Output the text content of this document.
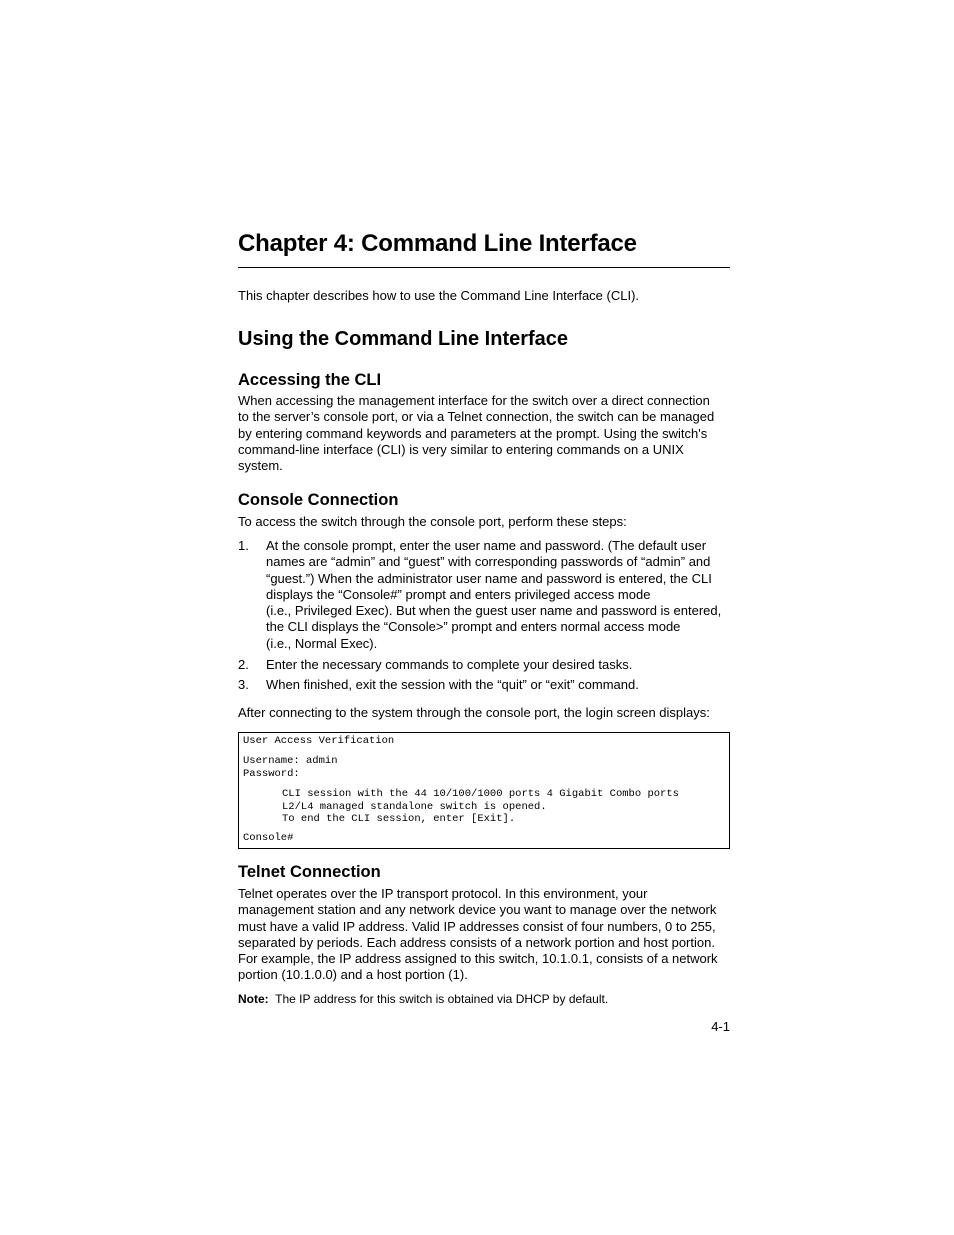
Chapter 4: Command Line Interface

This chapter describes how to use the Command Line Interface (CLI).

Using the Command Line Interface
Accessing the CLI
When accessing the management interface for the switch over a direct connection
to the server’s console port, or via a Telnet connection, the switch can be managed
by entering command keywords and parameters at the prompt. Using the switch's
command-line interface (CLI) is very similar to entering commands on a UNIX
system.
Console Connection

To access the switch through the console port, perform these steps:

1. At the console prompt, enter the user name and password. (The default user
names are “admin” and “guest” with corresponding passwords of “admin” and
“guest.”) When the administrator user name and password is entered, the CLI
displays the “Console#” prompt and enters privileged access mode
(i.e., Privileged Exec). But when the guest user name and password is entered,
the CLI displays the “Console>” prompt and enters normal access mode
(i.e., Normal Exec).
2. Enter the necessary commands to complete your desired tasks.
3. When finished, exit the session with the “quit” or “exit” command.

After connecting to the system through the console port, the login screen displays:

User Access Verification
Username: admin
Password:
CLI session with the 44 10/100/1000 ports 4 Gigabit Combo ports
L2/L4 managed standalone switch is opened.
To end the CLI session, enter [Exit].
Console#
Telnet Connection
Telnet operates over the IP transport protocol. In this environment, your
management station and any network device you want to manage over the network
must have a valid IP address. Valid IP addresses consist of four numbers, 0 to 255,
separated by periods. Each address consists of a network portion and host portion.
For example, the IP address assigned to this switch, 10.1.0.1, consists of a network
portion (10.1.0.0) and a host portion (1).
Note: The IP address for this switch is obtained via DHCP by default.
4-1
